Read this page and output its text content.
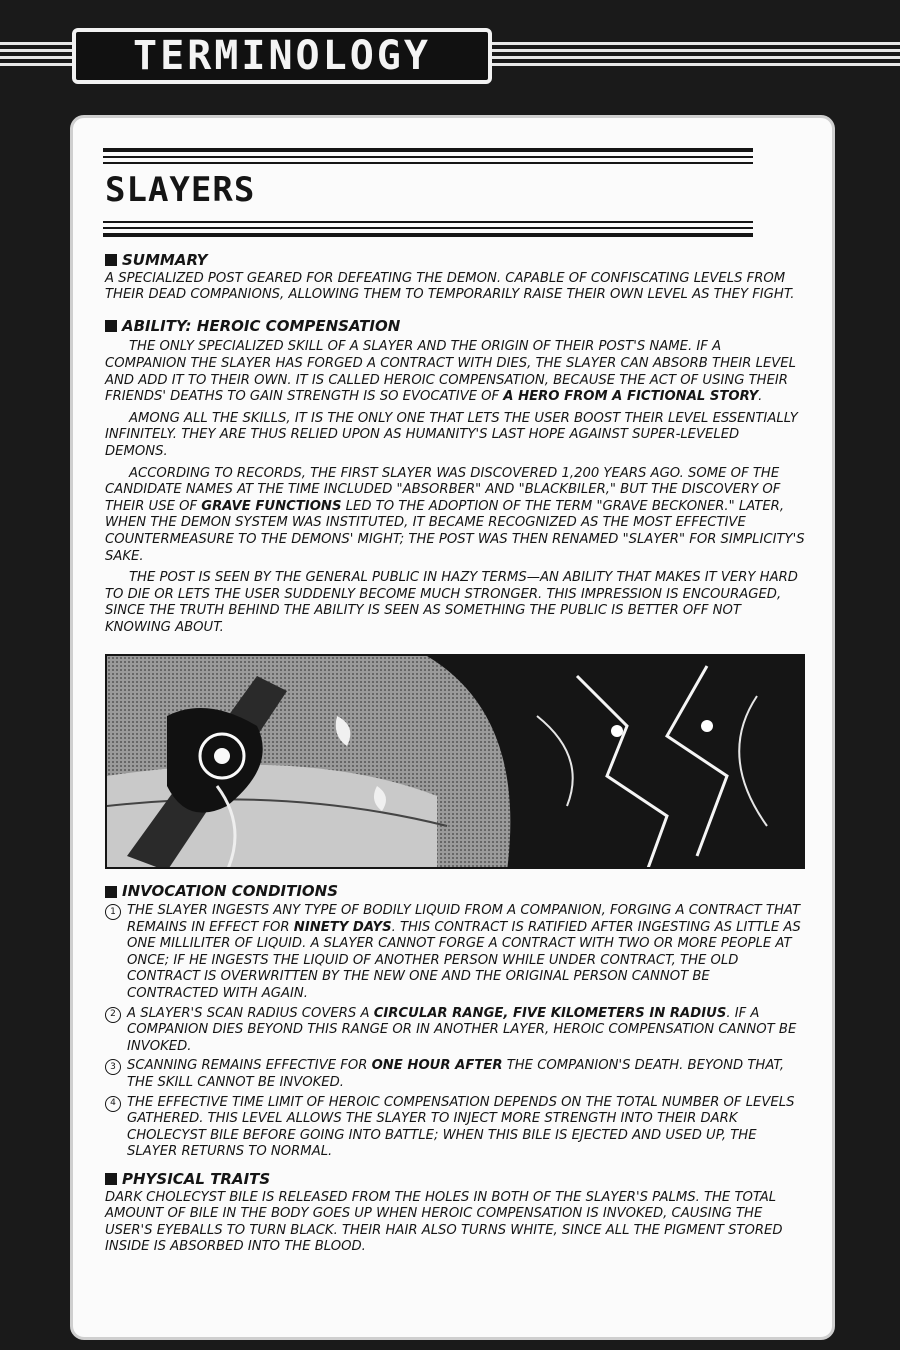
TERMINOLOGY
SLAYERS
SUMMARY

A SPECIALIZED POST GEARED FOR DEFEATING THE DEMON. CAPABLE OF CONFISCATING LEVELS FROM THEIR DEAD COMPANIONS, ALLOWING THEM TO TEMPORARILY RAISE THEIR OWN LEVEL AS THEY FIGHT.

ABILITY: HEROIC COMPENSATION

THE ONLY SPECIALIZED SKILL OF A SLAYER AND THE ORIGIN OF THEIR POST'S NAME. IF A COMPANION THE SLAYER HAS FORGED A CONTRACT WITH DIES, THE SLAYER CAN ABSORB THEIR LEVEL AND ADD IT TO THEIR OWN. IT IS CALLED HEROIC COMPENSATION, BECAUSE THE ACT OF USING THEIR FRIENDS' DEATHS TO GAIN STRENGTH IS SO EVOCATIVE OF A HERO FROM A FICTIONAL STORY.

AMONG ALL THE SKILLS, IT IS THE ONLY ONE THAT LETS THE USER BOOST THEIR LEVEL ESSENTIALLY INFINITELY. THEY ARE THUS RELIED UPON AS HUMANITY'S LAST HOPE AGAINST SUPER-LEVELED DEMONS.

ACCORDING TO RECORDS, THE FIRST SLAYER WAS DISCOVERED 1,200 YEARS AGO. SOME OF THE CANDIDATE NAMES AT THE TIME INCLUDED "ABSORBER" AND "BLACKBILER," BUT THE DISCOVERY OF THEIR USE OF GRAVE FUNCTIONS LED TO THE ADOPTION OF THE TERM "GRAVE BECKONER." LATER, WHEN THE DEMON SYSTEM WAS INSTITUTED, IT BECAME RECOGNIZED AS THE MOST EFFECTIVE COUNTERMEASURE TO THE DEMONS' MIGHT; THE POST WAS THEN RENAMED "SLAYER" FOR SIMPLICITY'S SAKE.

THE POST IS SEEN BY THE GENERAL PUBLIC IN HAZY TERMS—AN ABILITY THAT MAKES IT VERY HARD TO DIE OR LETS THE USER SUDDENLY BECOME MUCH STRONGER. THIS IMPRESSION IS ENCOURAGED, SINCE THE TRUTH BEHIND THE ABILITY IS SEEN AS SOMETHING THE PUBLIC IS BETTER OFF NOT KNOWING ABOUT.

INVOCATION CONDITIONS
1 THE SLAYER INGESTS ANY TYPE OF BODILY LIQUID FROM A COMPANION, FORGING A CONTRACT THAT REMAINS IN EFFECT FOR NINETY DAYS. THIS CONTRACT IS RATIFIED AFTER INGESTING AS LITTLE AS ONE MILLILITER OF LIQUID. A SLAYER CANNOT FORGE A CONTRACT WITH TWO OR MORE PEOPLE AT ONCE; IF HE INGESTS THE LIQUID OF ANOTHER PERSON WHILE UNDER CONTRACT, THE OLD CONTRACT IS OVERWRITTEN BY THE NEW ONE AND THE ORIGINAL PERSON CANNOT BE CONTRACTED WITH AGAIN.
2 A SLAYER'S SCAN RADIUS COVERS A CIRCULAR RANGE, FIVE KILOMETERS IN RADIUS. IF A COMPANION DIES BEYOND THIS RANGE OR IN ANOTHER LAYER, HEROIC COMPENSATION CANNOT BE INVOKED.
3 SCANNING REMAINS EFFECTIVE FOR ONE HOUR AFTER THE COMPANION'S DEATH. BEYOND THAT, THE SKILL CANNOT BE INVOKED.
4 THE EFFECTIVE TIME LIMIT OF HEROIC COMPENSATION DEPENDS ON THE TOTAL NUMBER OF LEVELS GATHERED. THIS LEVEL ALLOWS THE SLAYER TO INJECT MORE STRENGTH INTO THEIR DARK CHOLECYST BILE BEFORE GOING INTO BATTLE; WHEN THIS BILE IS EJECTED AND USED UP, THE SLAYER RETURNS TO NORMAL.
PHYSICAL TRAITS

DARK CHOLECYST BILE IS RELEASED FROM THE HOLES IN BOTH OF THE SLAYER'S PALMS. THE TOTAL AMOUNT OF BILE IN THE BODY GOES UP WHEN HEROIC COMPENSATION IS INVOKED, CAUSING THE USER'S EYEBALLS TO TURN BLACK. THEIR HAIR ALSO TURNS WHITE, SINCE ALL THE PIGMENT STORED INSIDE IS ABSORBED INTO THE BLOOD.
